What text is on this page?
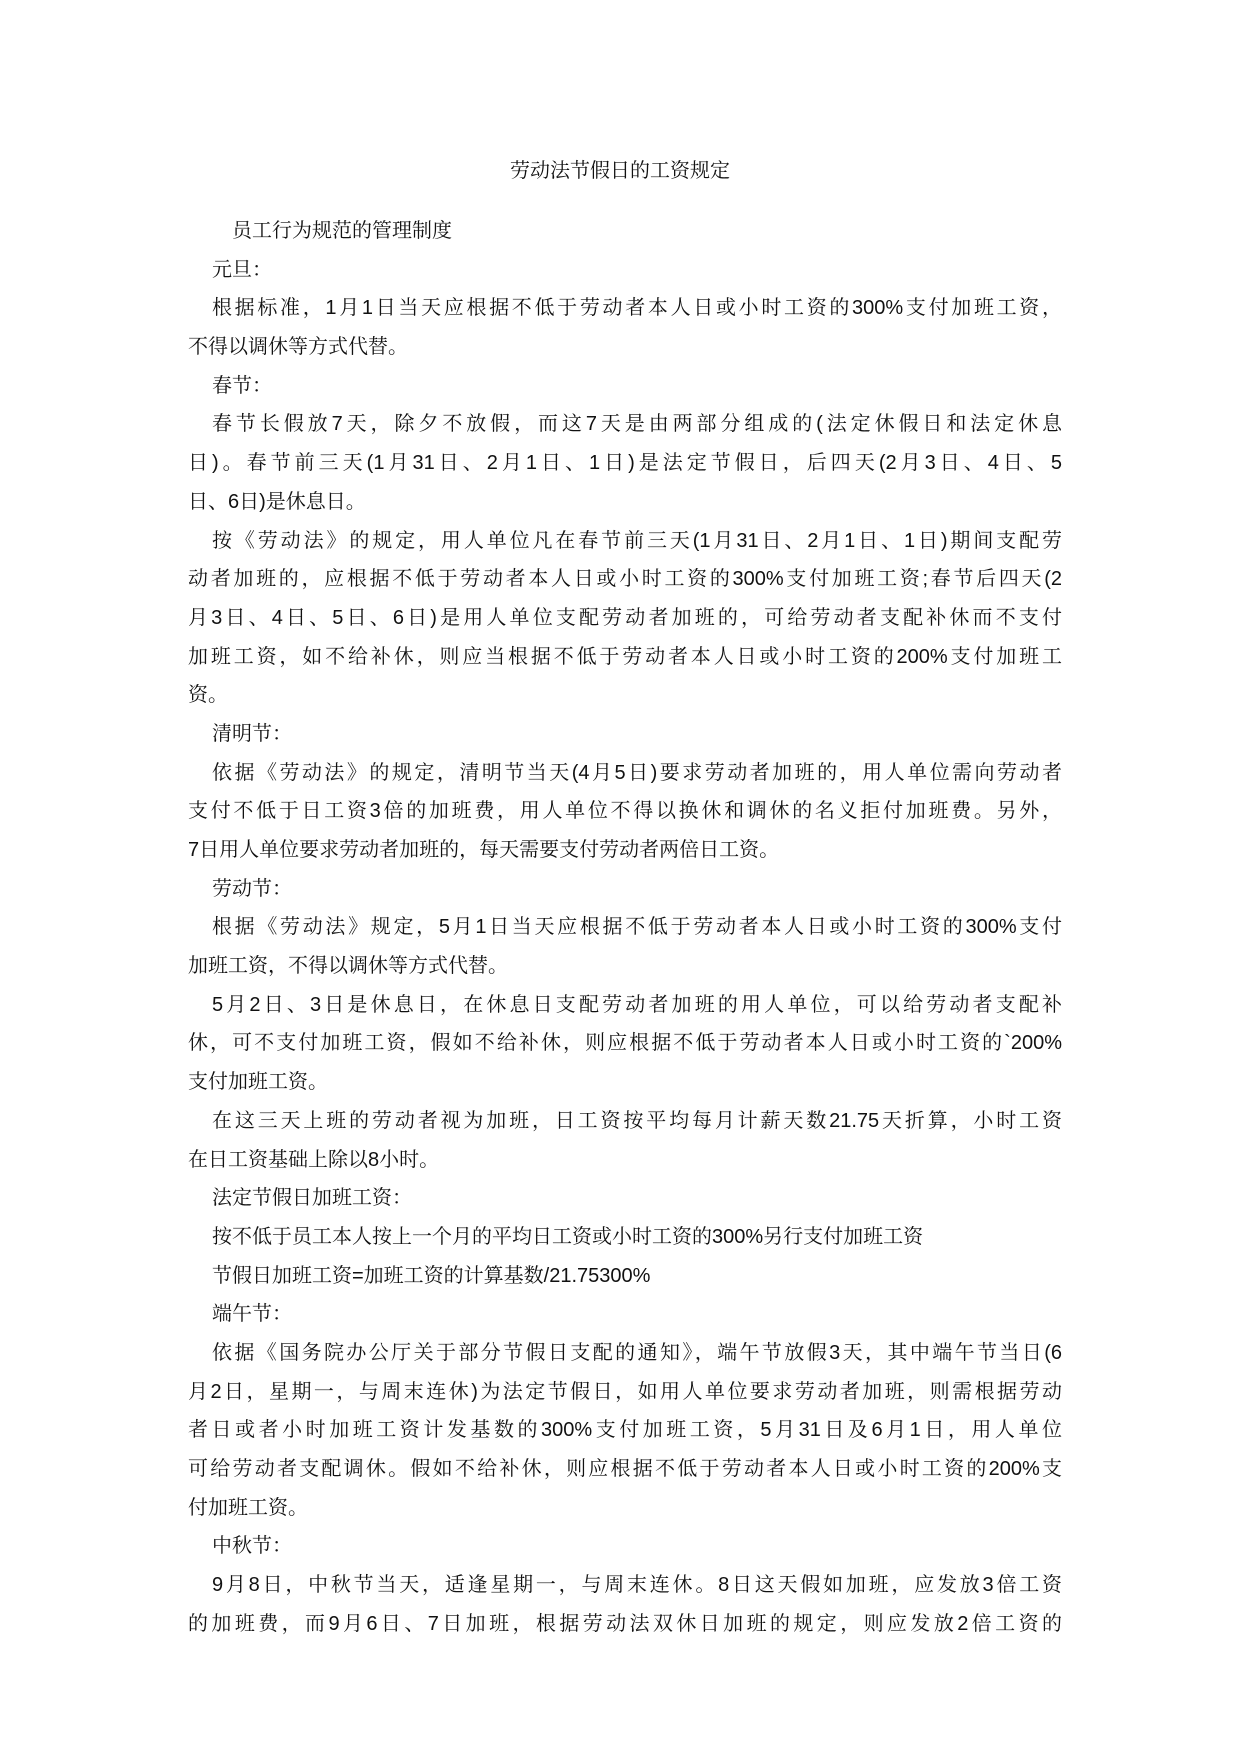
劳动法节假日的工资规定
员工行为规范的管理制度
元旦：
根据标准，1月1日当天应根据不低于劳动者本人日或小时工资的300%支付加班工资，
不得以调休等方式代替。
春节：
春节长假放7天，除夕不放假，而这7天是由两部分组成的(法定休假日和法定休息
日)。春节前三天(1月31日、2月1日、1日)是法定节假日，后四天(2月3日、4日、5
日、6日)是休息日。
按《劳动法》的规定，用人单位凡在春节前三天(1月31日、2月1日、1日)期间支配劳
动者加班的，应根据不低于劳动者本人日或小时工资的300%支付加班工资;春节后四天(2
月3日、4日、5日、6日)是用人单位支配劳动者加班的，可给劳动者支配补休而不支付
加班工资，如不给补休，则应当根据不低于劳动者本人日或小时工资的200%支付加班工
资。
清明节：
依据《劳动法》的规定，清明节当天(4月5日)要求劳动者加班的，用人单位需向劳动者
支付不低于日工资3倍的加班费，用人单位不得以换休和调休的名义拒付加班费。另外，
7日用人单位要求劳动者加班的，每天需要支付劳动者两倍日工资。
劳动节：
根据《劳动法》规定，5月1日当天应根据不低于劳动者本人日或小时工资的300%支付
加班工资，不得以调休等方式代替。
5月2日、3日是休息日，在休息日支配劳动者加班的用人单位，可以给劳动者支配补
休，可不支付加班工资，假如不给补休，则应根据不低于劳动者本人日或小时工资的`200%
支付加班工资。
在这三天上班的劳动者视为加班，日工资按平均每月计薪天数21.75天折算，小时工资
在日工资基础上除以8小时。
法定节假日加班工资：
按不低于员工本人按上一个月的平均日工资或小时工资的300%另行支付加班工资
节假日加班工资=加班工资的计算基数/21.75300%
端午节：
依据《国务院办公厅关于部分节假日支配的通知》，端午节放假3天，其中端午节当日(6
月2日，星期一，与周末连休)为法定节假日，如用人单位要求劳动者加班，则需根据劳动
者日或者小时加班工资计发基数的300%支付加班工资，5月31日及6月1日，用人单位
可给劳动者支配调休。假如不给补休，则应根据不低于劳动者本人日或小时工资的200%支
付加班工资。
中秋节：
9月8日，中秋节当天，适逢星期一，与周末连休。8日这天假如加班，应发放3倍工资
的加班费，而9月6日、7日加班，根据劳动法双休日加班的规定，则应发放2倍工资的
